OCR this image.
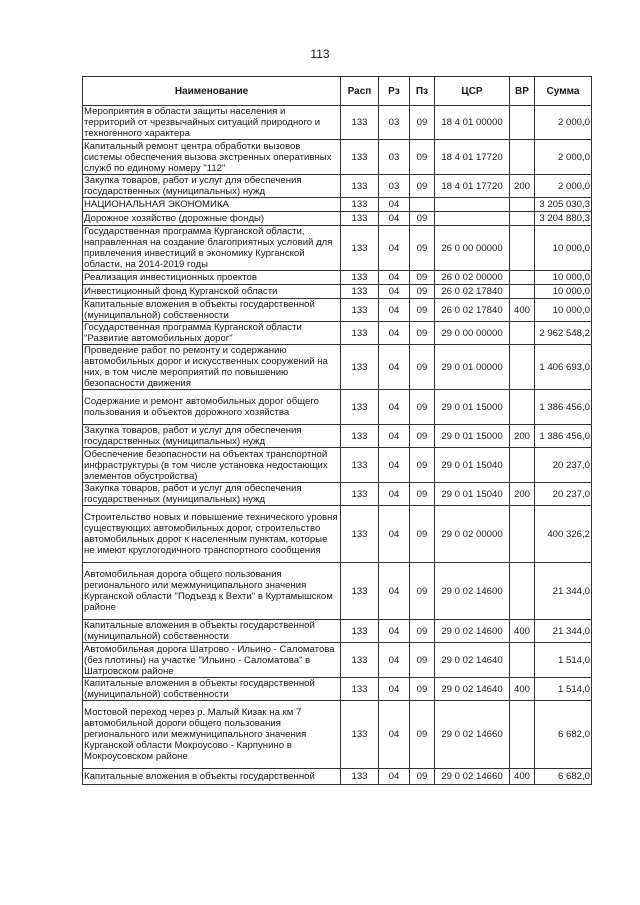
113
Наименование	Расп	Рз	Пз	ЦСР	ВР	Сумма
Мероприятия в области защиты населения и территорий от чрезвычайных ситуаций природного и техногенного характера	133	03	09	18 4 01 00000		2 000,0
Капитальный ремонт центра обработки вызовов системы обеспечения вызова экстренных оперативных служб по единому номеру "112"	133	03	09	18 4 01 17720		2 000,0
Закупка товаров, работ и услуг для обеспечения государственных (муниципальных) нужд	133	03	09	18 4 01 17720	200	2 000,0
НАЦИОНАЛЬНАЯ ЭКОНОМИКА	133	04				3 205 030,3
Дорожное хозяйство (дорожные фонды)	133	04	09			3 204 880,3
Государственная программа Курганской области, направленная на создание благоприятных условий для привлечения инвестиций в экономику Курганской области, на 2014-2019 годы	133	04	09	26 0 00 00000		10 000,0
Реализация инвестиционных проектов	133	04	09	26 0 02 00000		10 000,0
Инвестиционный фонд Курганской области	133	04	09	26 0 02 17840		10 000,0
Капитальные вложения в объекты государственной (муниципальной) собственности	133	04	09	26 0 02 17840	400	10 000,0
Государственная программа Курганской области "Развитие автомобильных дорог"	133	04	09	29 0 00 00000		2 962 548,2
Проведение работ по ремонту и содержанию автомобильных дорог и искусственных сооружений на них, в том числе мероприятий по повышению безопасности движения	133	04	09	29 0 01 00000		1 406 693,0
Содержание и ремонт автомобильных дорог общего пользования и объектов дорожного хозяйства	133	04	09	29 0 01 15000		1 386 456,0
Закупка товаров, работ и услуг для обеспечения государственных (муниципальных) нужд	133	04	09	29 0 01 15000	200	1 386 456,0
Обеспечение безопасности на объектах транспортной инфраструктуры (в том числе установка недостающих элементов обустройства)	133	04	09	29 0 01 15040		20 237,0
Закупка товаров, работ и услуг для обеспечения государственных (муниципальных) нужд	133	04	09	29 0 01 15040	200	20 237,0
Строительство новых и повышение технического уровня существующих автомобильных дорог, строительство автомобильных дорог к населенным пунктам, которые не имеют круглогодичного транспортного сообщения	133	04	09	29 0 02 00000		400 326,2
Автомобильная дорога общего пользования регионального или межмуниципального значения Курганской области "Подъезд к Вехти" в Куртамышском районе	133	04	09	29 0 02 14600		21 344,0
Капитальные вложения в объекты государственной (муниципальной) собственности	133	04	09	29 0 02 14600	400	21 344,0
Автомобильная дорога Шатрово - Ильино - Саломатова (без плотины) на участке "Ильино - Саломатова" в Шатровском районе	133	04	09	29 0 02 14640		1 514,0
Капитальные вложения в объекты государственной (муниципальной) собственности	133	04	09	29 0 02 14640	400	1 514,0
Мостовой переход через р. Малый Кизак на км 7 автомобильной дороги общего пользования регионального или межмуниципального значения Курганской области Мокроусово - Карпунино в Мокроусовском районе	133	04	09	29 0 02 14660		6 682,0
Капитальные вложения в объекты государственной	133	04	09	29 0 02 14660	400	6 682,0
